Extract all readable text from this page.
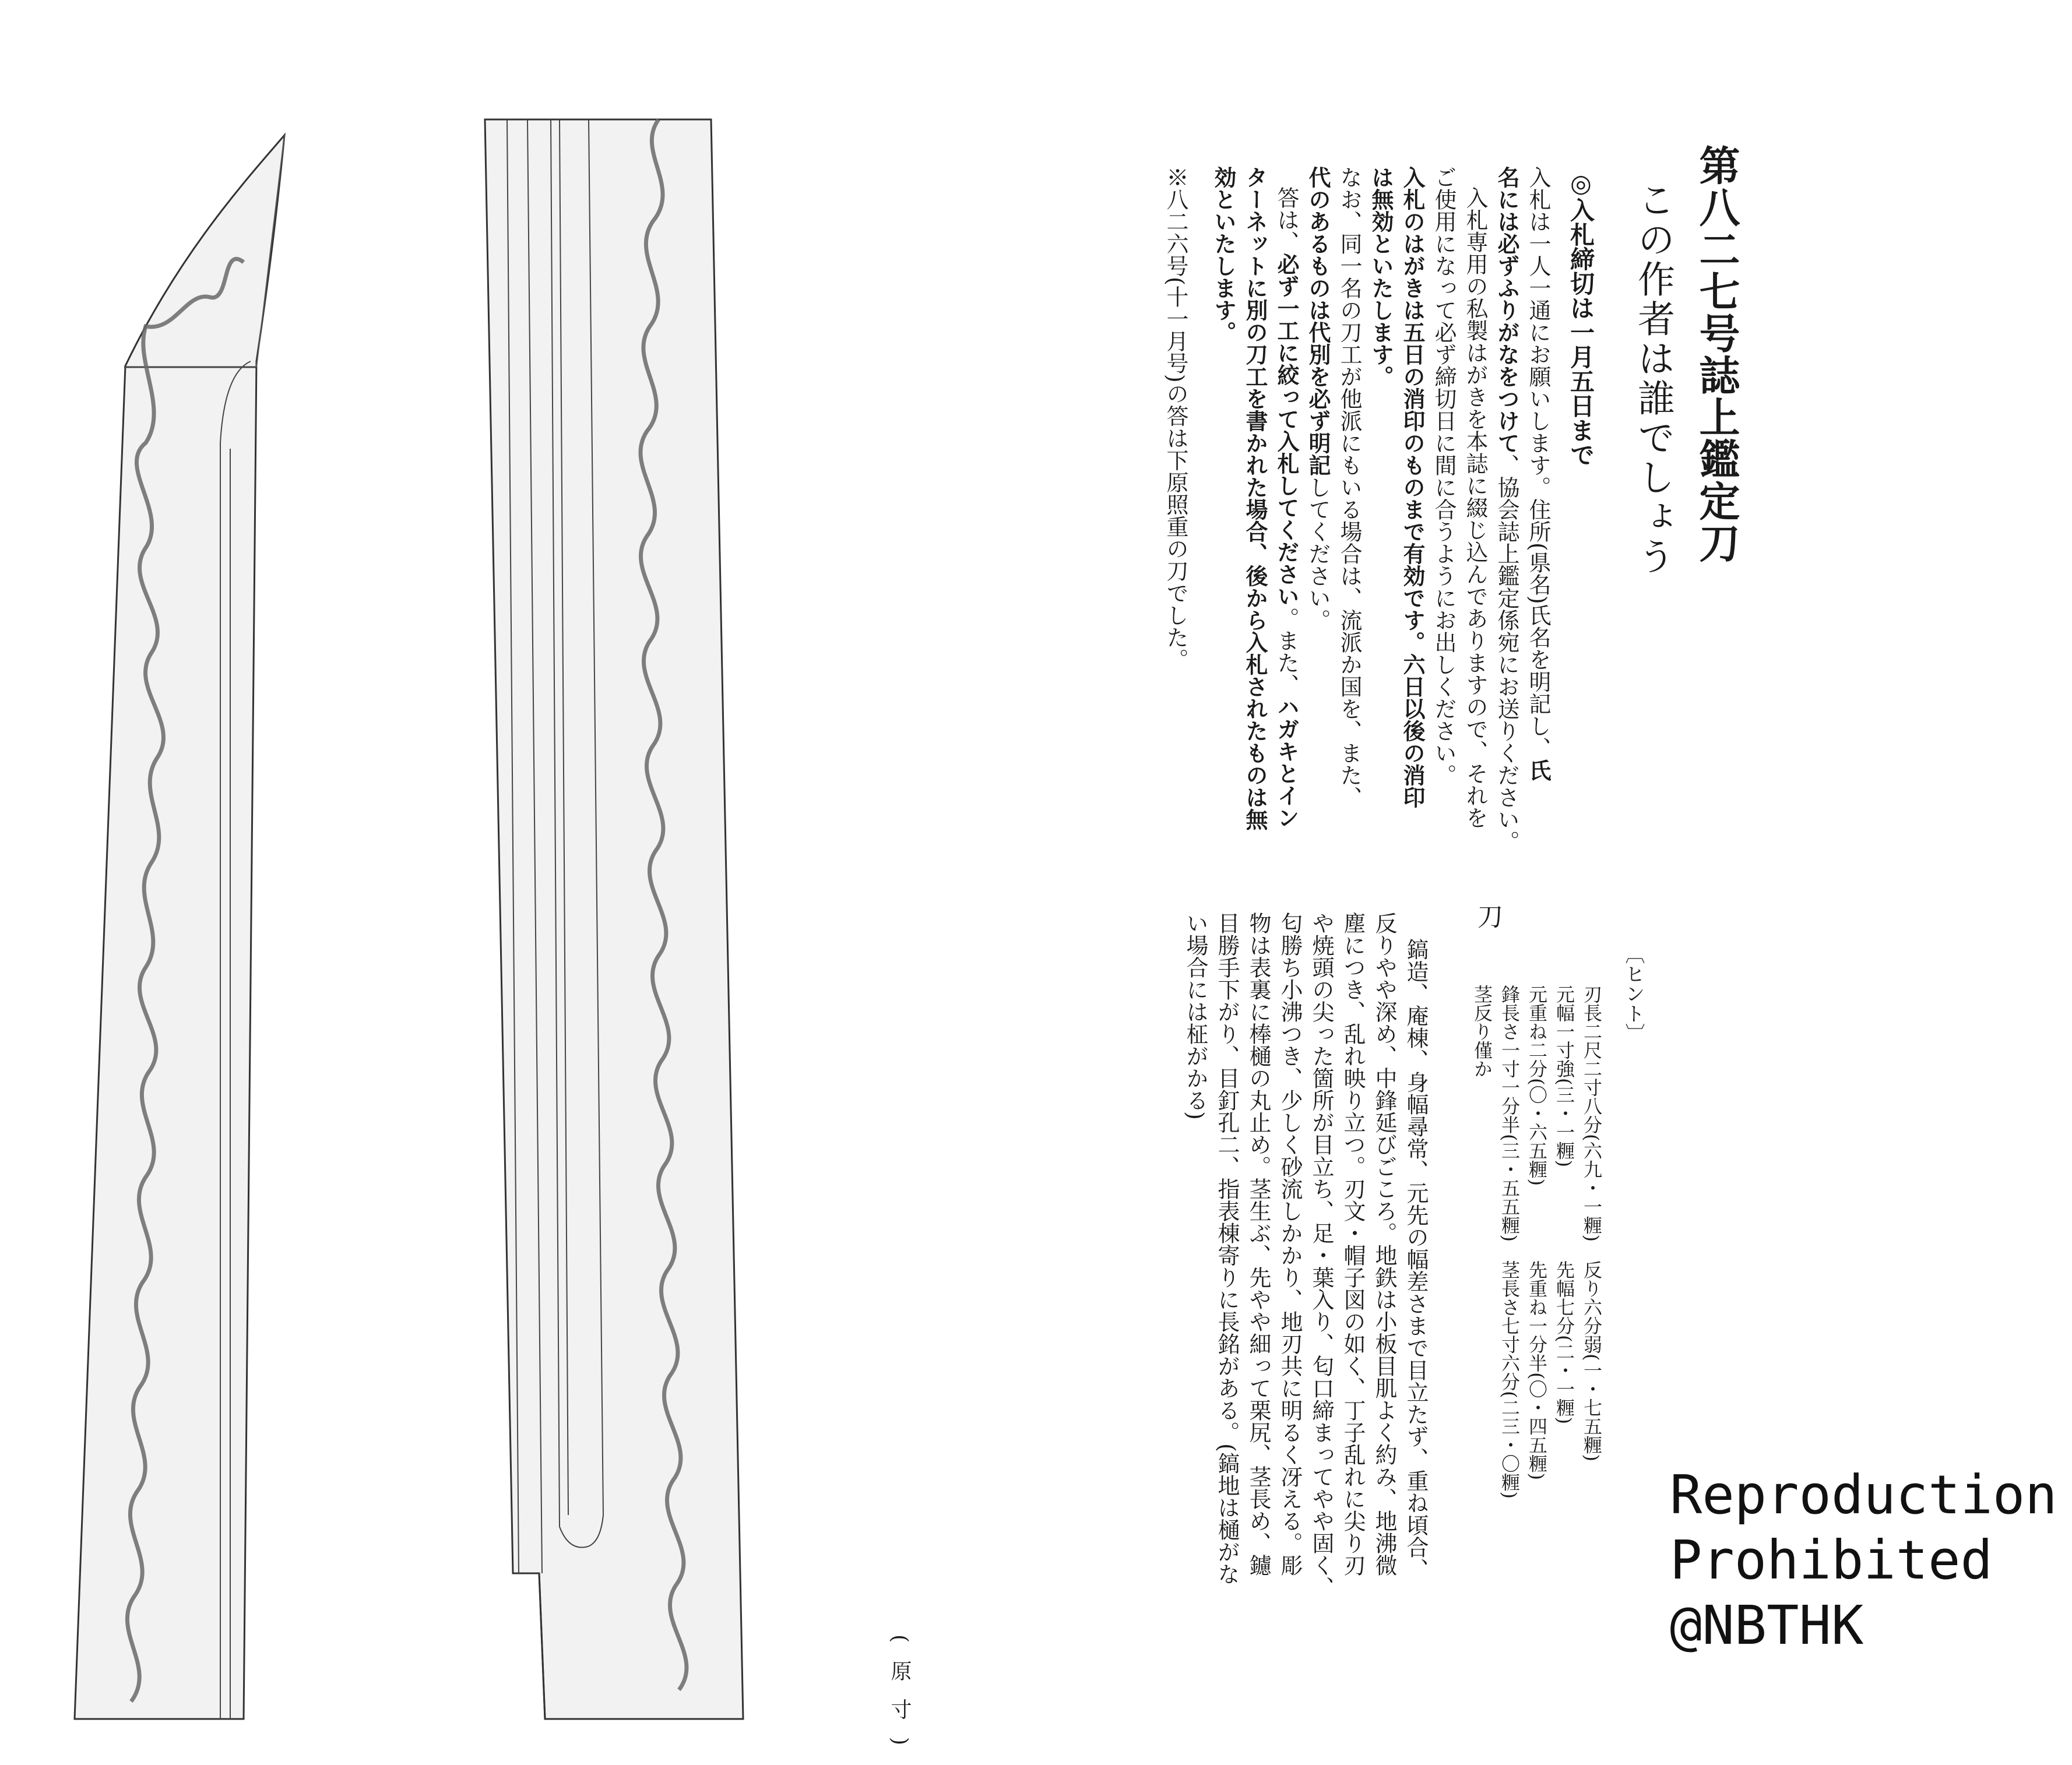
(原寸)
第八二七号誌上鑑定刀
この作者は誰でしょう
◎入札締切は一月五日まで
入札は一人一通にお願いします。住所(県名)氏名を明記し、氏
名には必ずふりがなをつけて、協会誌上鑑定係宛にお送りください。
入札専用の私製はがきを本誌に綴じ込んでありますので、それを
ご使用になって必ず締切日に間に合うようにお出しください。
入札のはがきは五日の消印のものまで有効です。六日以後の消印
は無効といたします。
なお、同一名の刀工が他派にもいる場合は、流派か国を、また、
代のあるものは代別を必ず明記してください。
答は、必ず一工に絞って入札してください。また、ハガキとイン
ターネットに別の刀工を書かれた場合、後から入札されたものは無
効といたします。
※八二六号(十一月号)の答は下原照重の刀でした。
〔ヒント〕
刃長二尺二寸八分(六九・一糎)　反り六分弱(一・七五糎)
元幅一寸強(三・一糎)　　　　　先幅七分(二・一糎)
元重ね二分(〇・六五糎)　　　　先重ね一分半(〇・四五糎)
鋒長さ一寸一分半(三・五五糎)　茎長さ七寸六分(二三・〇糎)
茎反り僅か
刀
鎬造、庵棟、身幅尋常、元先の幅差さまで目立たず、重ね頃合、
反りやや深め、中鋒延びごころ。地鉄は小板目肌よく約み、地沸微
塵につき、乱れ映り立つ。刃文・帽子図の如く、丁子乱れに尖り刃
や焼頭の尖った箇所が目立ち、足・葉入り、匂口締まってやや固く、
匂勝ち小沸つき、少しく砂流しかかり、地刃共に明るく冴える。彫
物は表裏に棒樋の丸止め。茎生ぶ、先やや細って栗尻、茎長め、鑢
目勝手下がり、目釘孔二、指表棟寄りに長銘がある。(鎬地は樋がな
い場合には柾がかる)
Reproduction
Prohibited
@NBTHK
